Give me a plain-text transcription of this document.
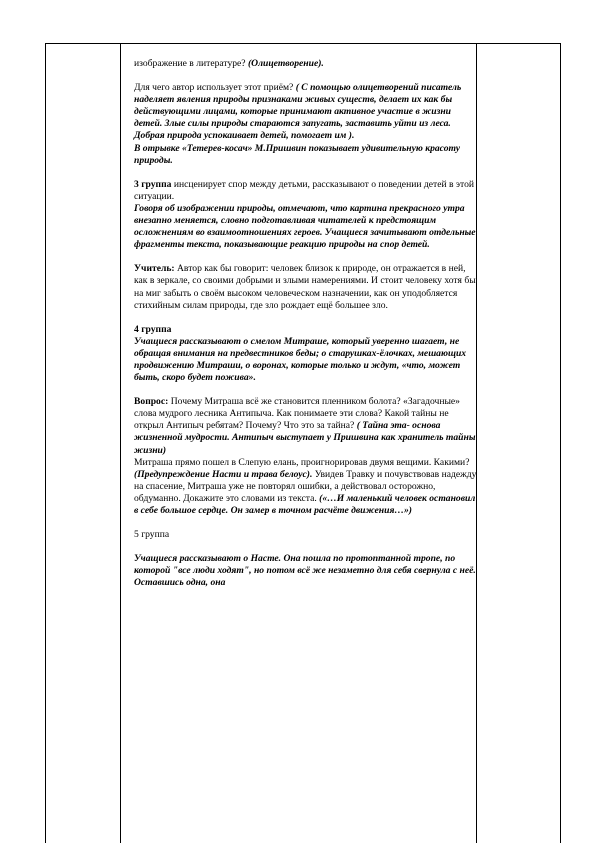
изображение в литературе? (Олицетворение).

Для чего автор использует этот приём? ( С помощью олицетворений писатель наделяет явления природы признаками живых существ, делает их как бы действующими лицами, которые принимают активное участие в жизни детей. Злые силы природы стараются запугать, заставить уйти из леса. Добрая природа успокаивает детей, помогает им ).
В отрывке «Тетерев-косач» М.Пришвин показывает удивительную красоту природы.

3 группа инсценирует спор между детьми, рассказывают о поведении детей в этой ситуации.
Говоря об изображении природы, отмечают, что картина прекрасного утра внезапно меняется, словно подготавливая читателей к предстоящим осложнениям во взаимоотношениях героев. Учащиеся зачитывают отдельные фрагменты текста, показывающие реакцию природы на спор детей.

Учитель: Автор как бы говорит: человек близок к природе, он отражается в ней, как в зеркале, со своими добрыми и злыми намерениями. И стоит человеку хотя бы на миг забыть о своём высоком человеческом назначении, как он уподобляется стихийным силам природы, где зло рождает ещё большее зло.

4 группа
Учащиеся рассказывают о смелом Митраше, который уверенно шагает, не обращая внимания на предвестников беды; о старушках-ёлочках, мешающих продвижению Митраши, о воронах, которые только и ждут, «что, может быть, скоро будет пожива».

Вопрос: Почему Митраша всё же становится пленником болота? «Загадочные» слова мудрого лесника Антипыча. Как понимаете эти слова? Какой тайны не открыл Антипыч ребятам? Почему? Что это за тайна? ( Тайна эта- основа жизненной мудрости. Антипыч выступает у Пришвина как хранитель тайны жизни)
Митраша прямо пошел в Слепую елань, проигнорировав двумя вещими. Какими? (Предупреждение Насти и трава белоус). Увидев Травку и почувствовав надежду на спасение, Митраша уже не повторял ошибки, а действовал осторожно, обдуманно. Докажите это словами из текста. («…И маленький человек остановил в себе большое сердце. Он замер в точном расчёте движения…»)

5 группа

Учащиеся рассказывают о Насте. Она пошла по протоптанной тропе, по которой "все люди ходят", но потом всё же незаметно для себя свернула с неё. Оставшись одна, она
